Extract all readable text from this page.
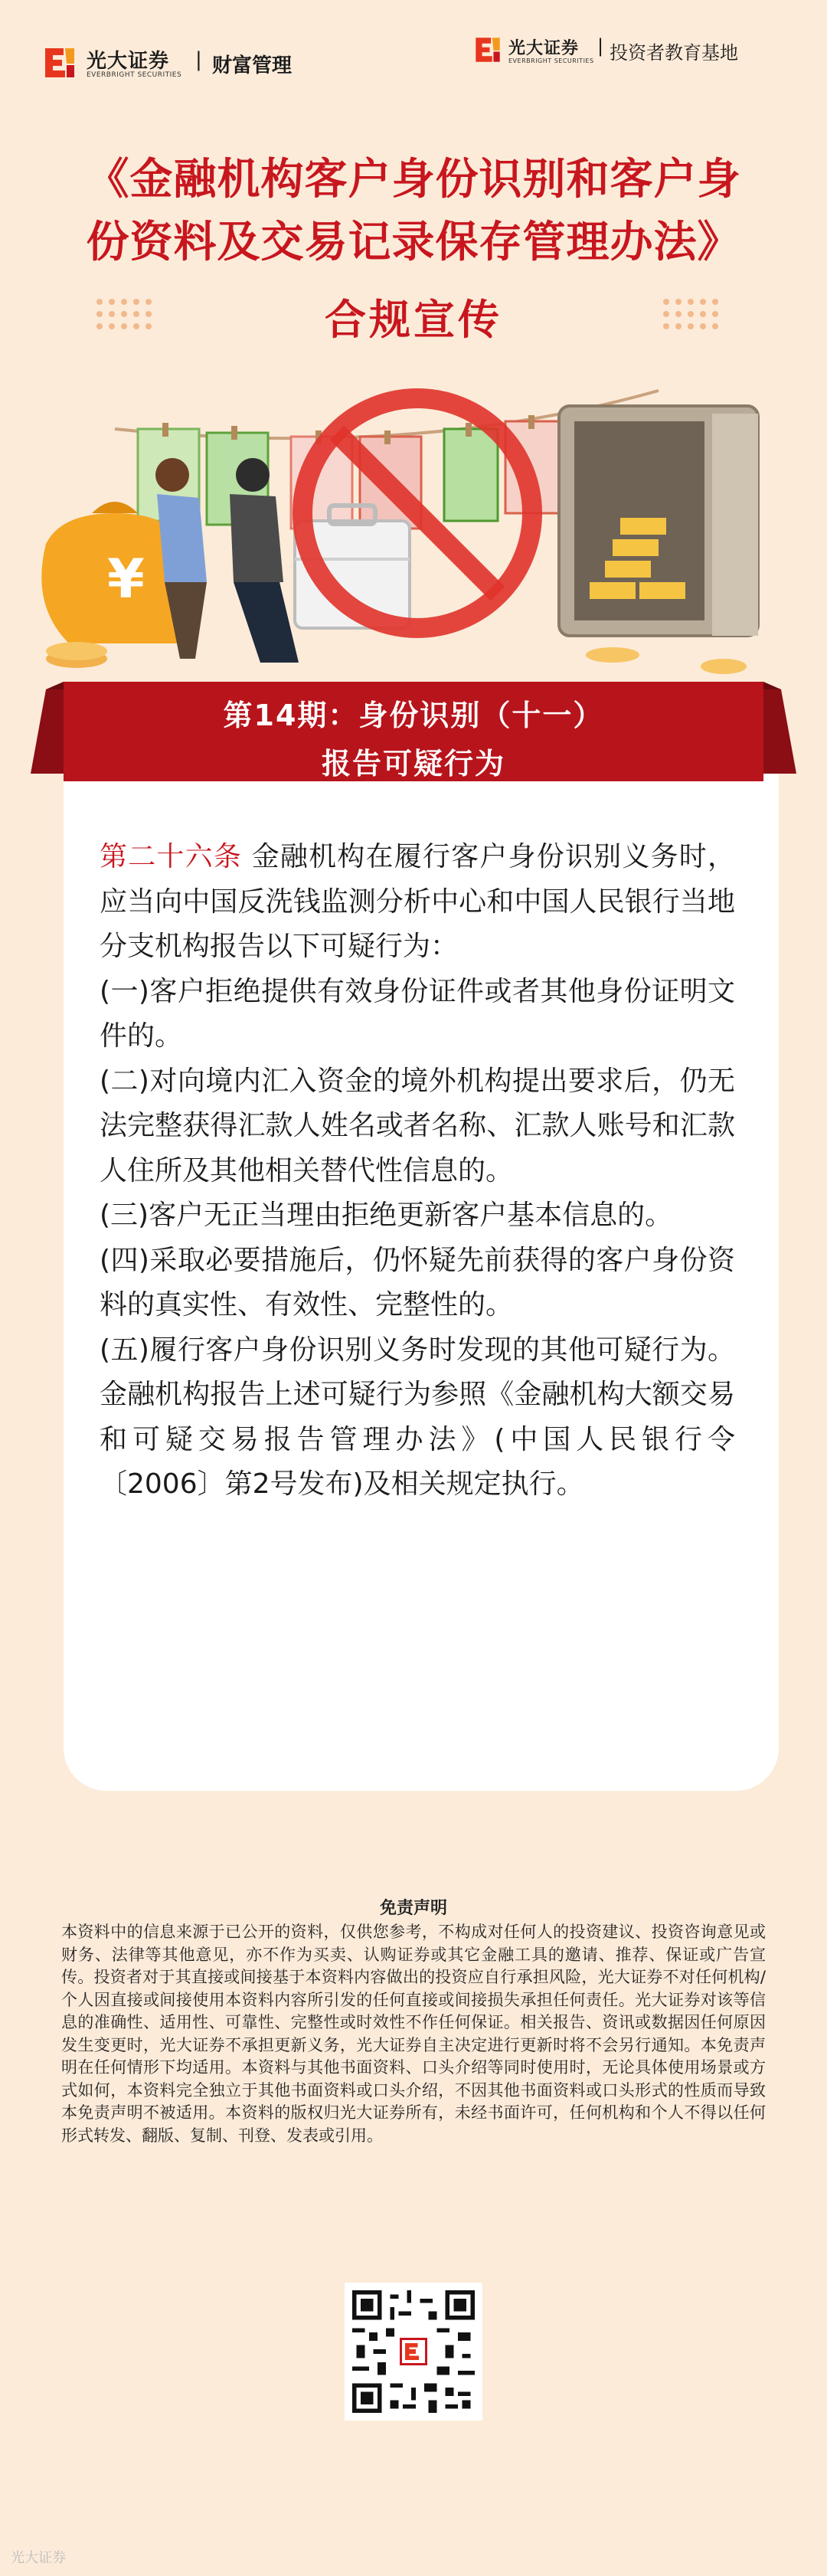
光大证券
EVERBRIGHT SECURITIES
| 财富管理
光大证券
EVERBRIGHT SECURITIES
| 投资者教育基地
《金融机构客户身份识别和客户身
份资料及交易记录保存管理办法》
合规宣传
¥
第14期：身份识别（十一）
报告可疑行为

第二十六条 金融机构在履行客户身份识别义务时，应当向中国反洗钱监测分析中心和中国人民银行当地分支机构报告以下可疑行为：

(一)客户拒绝提供有效身份证件或者其他身份证明文件的。

(二)对向境内汇入资金的境外机构提出要求后，仍无法完整获得汇款人姓名或者名称、汇款人账号和汇款人住所及其他相关替代性信息的。

(三)客户无正当理由拒绝更新客户基本信息的。

(四)采取必要措施后，仍怀疑先前获得的客户身份资料的真实性、有效性、完整性的。

(五)履行客户身份识别义务时发现的其他可疑行为。金融机构报告上述可疑行为参照《金融机构大额交易和可疑交易报告管理办法》(中国人民银行令〔2006〕第2号发布)及相关规定执行。

免责声明
本资料中的信息来源于已公开的资料，仅供您参考，不构成对任何人的投资建议、投资咨询意见或财务、法律等其他意见，亦不作为买卖、认购证券或其它金融工具的邀请、推荐、保证或广告宣传。投资者对于其直接或间接基于本资料内容做出的投资应自行承担风险，光大证券不对任何机构/个人因直接或间接使用本资料内容所引发的任何直接或间接损失承担任何责任。光大证券对该等信息的准确性、适用性、可靠性、完整性或时效性不作任何保证。相关报告、资讯或数据因任何原因发生变更时，光大证券不承担更新义务，光大证券自主决定进行更新时将不会另行通知。本免责声明在任何情形下均适用。本资料与其他书面资料、口头介绍等同时使用时，无论具体使用场景或方式如何，本资料完全独立于其他书面资料或口头介绍，不因其他书面资料或口头形式的性质而导致本免责声明不被适用。本资料的版权归光大证券所有，未经书面许可，任何机构和个人不得以任何形式转发、翻版、复制、刊登、发表或引用。
光大证券
